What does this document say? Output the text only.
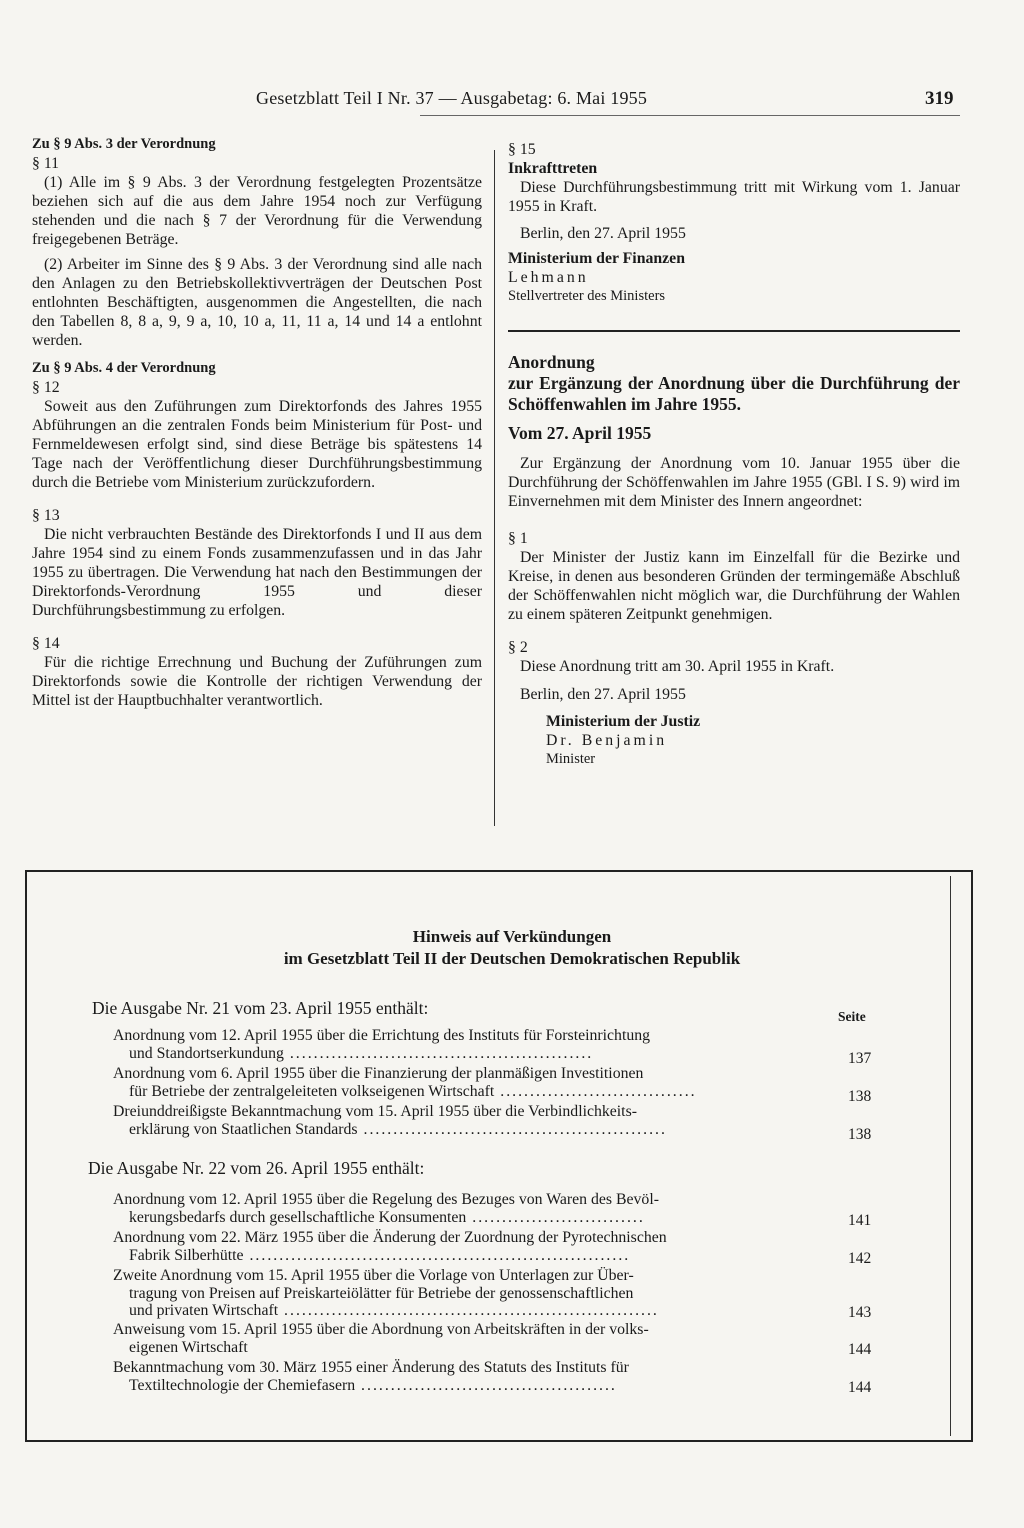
Gesetzblatt Teil I Nr. 37 — Ausgabetag: 6. Mai 1955	319

Zu § 9 Abs. 3 der Verordnung

§ 11

(1) Alle im § 9 Abs. 3 der Verordnung festgelegten Prozentsätze beziehen sich auf die aus dem Jahre 1954 noch zur Verfügung stehenden und die nach § 7 der Verordnung für die Verwendung freigegebenen Beträge.

(2) Arbeiter im Sinne des § 9 Abs. 3 der Verordnung sind alle nach den Anlagen zu den Betriebskollektivverträgen der Deutschen Post entlohnten Beschäftigten, ausgenommen die Angestellten, die nach den Tabellen 8, 8 a, 9, 9 a, 10, 10 a, 11, 11 a, 14 und 14 a entlohnt werden.

Zu § 9 Abs. 4 der Verordnung

§ 12

Soweit aus den Zuführungen zum Direktorfonds des Jahres 1955 Abführungen an die zentralen Fonds beim Ministerium für Post- und Fernmeldewesen erfolgt sind, sind diese Beträge bis spätestens 14 Tage nach der Veröffentlichung dieser Durchführungsbestimmung durch die Betriebe vom Ministerium zurückzufordern.

§ 13

Die nicht verbrauchten Bestände des Direktorfonds I und II aus dem Jahre 1954 sind zu einem Fonds zusammenzufassen und in das Jahr 1955 zu übertragen. Die Verwendung hat nach den Bestimmungen der Direktorfonds-Verordnung 1955 und dieser Durchführungsbestimmung zu erfolgen.

§ 14

Für die richtige Errechnung und Buchung der Zuführungen zum Direktorfonds sowie die Kontrolle der richtigen Verwendung der Mittel ist der Hauptbuchhalter verantwortlich.

§ 15

Inkrafttreten

Diese Durchführungsbestimmung tritt mit Wirkung vom 1. Januar 1955 in Kraft.

Berlin, den 27. April 1955

Ministerium der Finanzen

Lehmann

Stellvertreter des Ministers

Anordnung

zur Ergänzung der Anordnung über die Durchführung der Schöffenwahlen im Jahre 1955.

Vom 27. April 1955

Zur Ergänzung der Anordnung vom 10. Januar 1955 über die Durchführung der Schöffenwahlen im Jahre 1955 (GBl. I S. 9) wird im Einvernehmen mit dem Minister des Innern angeordnet:

§ 1

Der Minister der Justiz kann im Einzelfall für die Bezirke und Kreise, in denen aus besonderen Gründen der termingemäße Abschluß der Schöffenwahlen nicht möglich war, die Durchführung der Wahlen zu einem späteren Zeitpunkt genehmigen.

§ 2

Diese Anordnung tritt am 30. April 1955 in Kraft.

Berlin, den 27. April 1955

Ministerium der Justiz

Dr. Benjamin

Minister

Hinweis auf Verkündungen
im Gesetzblatt Teil II der Deutschen Demokratischen Republik
Die Ausgabe Nr. 21 vom 23. April 1955 enthält:	Seite
Anordnung vom 12. April 1955 über die Errichtung des Instituts für Forsteinrichtung
und Standortserkundung ...................................................	137
Anordnung vom 6. April 1955 über die Finanzierung der planmäßigen Investitionen
für Betriebe der zentralgeleiteten volkseigenen Wirtschaft .................................	138
Dreiunddreißigste Bekanntmachung vom 15. April 1955 über die Verbindlichkeits-
erklärung von Staatlichen Standards ...................................................	138
Die Ausgabe Nr. 22 vom 26. April 1955 enthält:
Anordnung vom 12. April 1955 über die Regelung des Bezuges von Waren des Bevöl-
kerungsbedarfs durch gesellschaftliche Konsumenten .............................	141
Anordnung vom 22. März 1955 über die Änderung der Zuordnung der Pyrotechnischen
Fabrik Silberhütte ................................................................	142
Zweite Anordnung vom 15. April 1955 über die Vorlage von Unterlagen zur Über-
tragung von Preisen auf Preiskarteiölätter für Betriebe der genossenschaftlichen
und privaten Wirtschaft ...............................................................	143
Anweisung vom 15. April 1955 über die Abordnung von Arbeitskräften in der volks-
eigenen Wirtschaft	144
Bekanntmachung vom 30. März 1955 einer Änderung des Statuts des Instituts für
Textiltechnologie der Chemiefasern ...........................................	144
